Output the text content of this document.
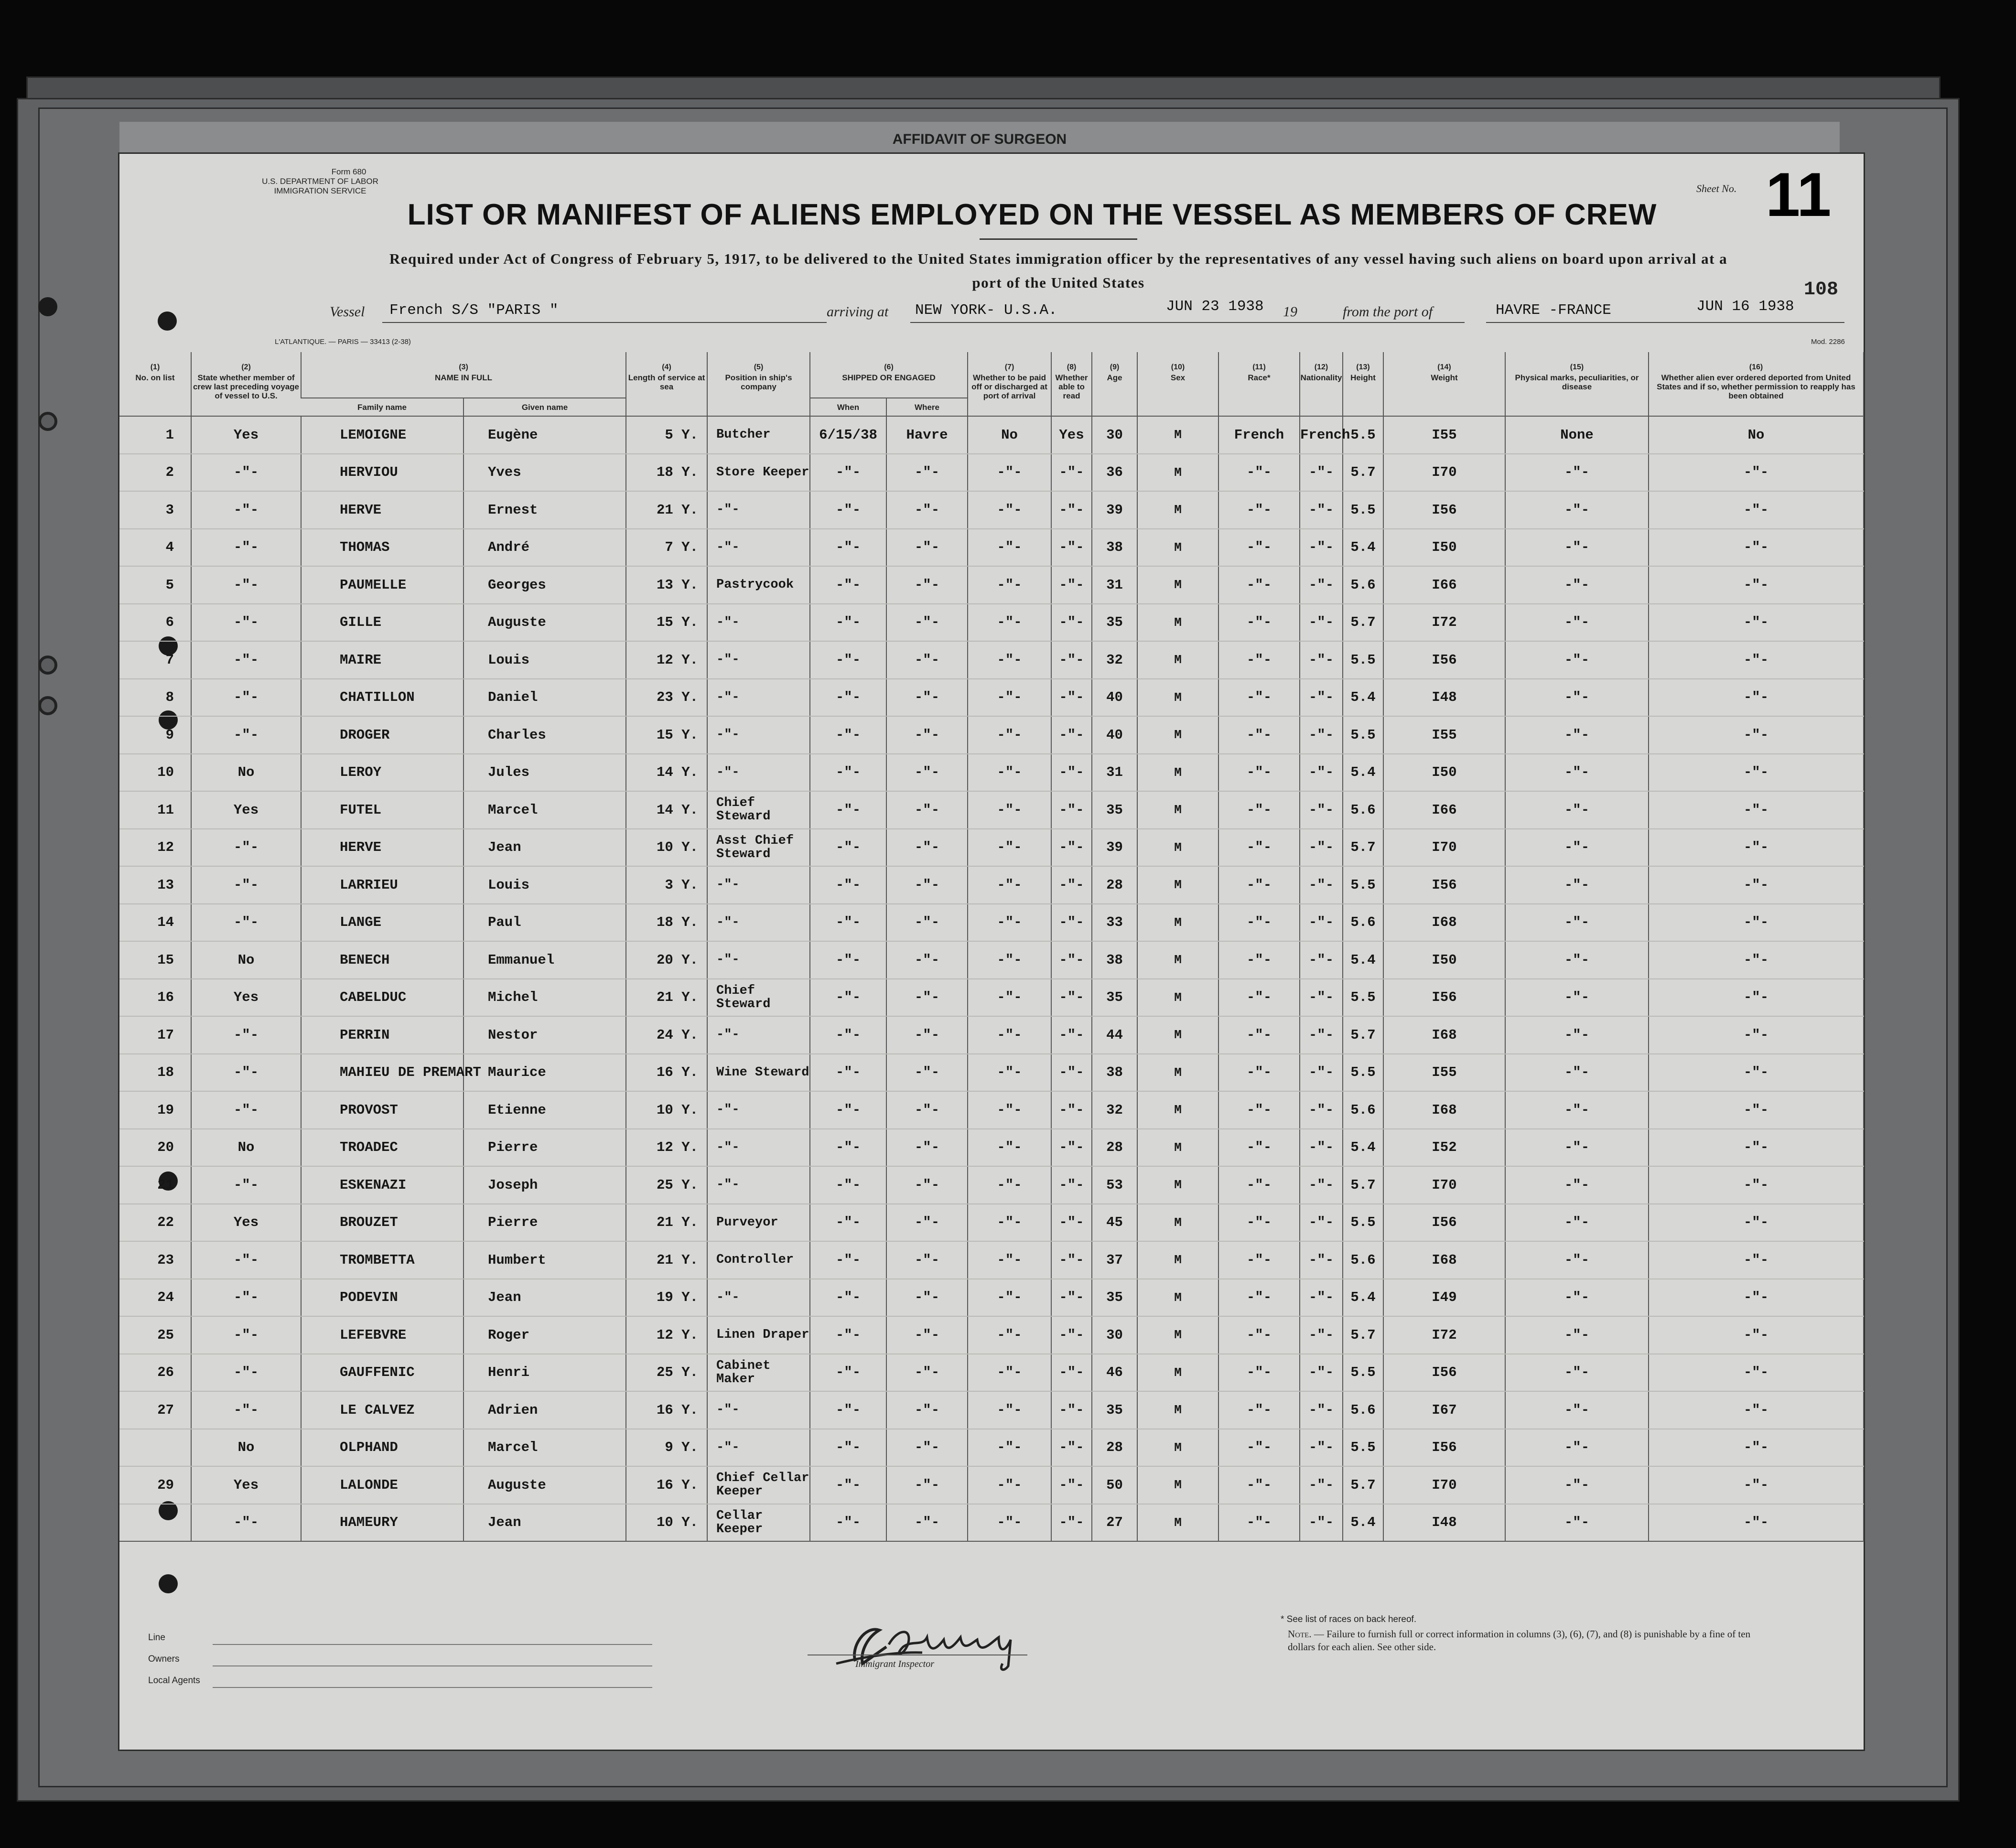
AFFIDAVIT OF SURGEON
Form 680
U.S. DEPARTMENT OF LABOR
IMMIGRATION SERVICE
LIST OR MANIFEST OF ALIENS EMPLOYED ON THE VESSEL AS MEMBERS OF CREW
Sheet No. 11
Required under Act of Congress of February 5, 1917, to be delivered to the United States immigration officer by the representatives of any vessel having such aliens on board upon arrival at a
port of the United States	108
Vessel French S/S "PARIS "	arriving at NEW YORK- U.S.A.	JUN 23 1938 19	from the port of	HAVRE -FRANCE	JUN 16 1938
L'ATLANTIQUE. — PARIS — 33413 (2-38)	Mod. 2286
(1)
No. on list	(2)
State whether member of crew last preceding voyage of vessel to U.S.	(3)
NAME IN FULL		(4)
Length of service at sea	(5)
Position in ship's company	(6)
SHIPPED OR ENGAGED		(7)
Whether to be paid off or discharged at port of arrival	(8)
Whether able to read	(9)
Age	(10)
Sex	(11)
Race*	(12)
Nationality	(13)
Height	(14)
Weight	(15)
Physical marks, peculiarities, or disease	(16)
Whether alien ever ordered deported from United States and if so, whether permission to reapply has been obtained	

		Family name	Given name			When	Where											
1	Yes	LEMOIGNE	Eugène	5 Y.	Butcher	6/15/38	Havre	No	Yes	30	M	French	French	5.5	I55	None	No	
2	-"-	HERVIOU	Yves	18 Y.	Store Keeper	-"-	-"-	-"-	-"-	36	M	-"-	-"-	5.7	I70	-"-	-"-	
3	-"-	HERVE	Ernest	21 Y.	-"-	-"-	-"-	-"-	-"-	39	M	-"-	-"-	5.5	I56	-"-	-"-	
4	-"-	THOMAS	André	7 Y.	-"-	-"-	-"-	-"-	-"-	38	M	-"-	-"-	5.4	I50	-"-	-"-	
5	-"-	PAUMELLE	Georges	13 Y.	Pastrycook	-"-	-"-	-"-	-"-	31	M	-"-	-"-	5.6	I66	-"-	-"-	
6	-"-	GILLE	Auguste	15 Y.	-"-	-"-	-"-	-"-	-"-	35	M	-"-	-"-	5.7	I72	-"-	-"-	
7	-"-	MAIRE	Louis	12 Y.	-"-	-"-	-"-	-"-	-"-	32	M	-"-	-"-	5.5	I56	-"-	-"-	
8	-"-	CHATILLON	Daniel	23 Y.	-"-	-"-	-"-	-"-	-"-	40	M	-"-	-"-	5.4	I48	-"-	-"-	
9	-"-	DROGER	Charles	15 Y.	-"-	-"-	-"-	-"-	-"-	40	M	-"-	-"-	5.5	I55	-"-	-"-	
10	No	LEROY	Jules	14 Y.	-"-	-"-	-"-	-"-	-"-	31	M	-"-	-"-	5.4	I50	-"-	-"-	
11	Yes	FUTEL	Marcel	14 Y.	Chief Steward	-"-	-"-	-"-	-"-	35	M	-"-	-"-	5.6	I66	-"-	-"-	
12	-"-	HERVE	Jean	10 Y.	Asst Chief Steward	-"-	-"-	-"-	-"-	39	M	-"-	-"-	5.7	I70	-"-	-"-	
13	-"-	LARRIEU	Louis	3 Y.	-"-	-"-	-"-	-"-	-"-	28	M	-"-	-"-	5.5	I56	-"-	-"-	
14	-"-	LANGE	Paul	18 Y.	-"-	-"-	-"-	-"-	-"-	33	M	-"-	-"-	5.6	I68	-"-	-"-	
15	No	BENECH	Emmanuel	20 Y.	-"-	-"-	-"-	-"-	-"-	38	M	-"-	-"-	5.4	I50	-"-	-"-	
16	Yes	CABELDUC	Michel	21 Y.	Chief Steward	-"-	-"-	-"-	-"-	35	M	-"-	-"-	5.5	I56	-"-	-"-	
17	-"-	PERRIN	Nestor	24 Y.	-"-	-"-	-"-	-"-	-"-	44	M	-"-	-"-	5.7	I68	-"-	-"-	
18	-"-	MAHIEU DE PREMART	Maurice	16 Y.	Wine Steward	-"-	-"-	-"-	-"-	38	M	-"-	-"-	5.5	I55	-"-	-"-	
19	-"-	PROVOST	Etienne	10 Y.	-"-	-"-	-"-	-"-	-"-	32	M	-"-	-"-	5.6	I68	-"-	-"-	
20	No	TROADEC	Pierre	12 Y.	-"-	-"-	-"-	-"-	-"-	28	M	-"-	-"-	5.4	I52	-"-	-"-	
21	-"-	ESKENAZI	Joseph	25 Y.	-"-	-"-	-"-	-"-	-"-	53	M	-"-	-"-	5.7	I70	-"-	-"-	
22	Yes	BROUZET	Pierre	21 Y.	Purveyor	-"-	-"-	-"-	-"-	45	M	-"-	-"-	5.5	I56	-"-	-"-	
23	-"-	TROMBETTA	Humbert	21 Y.	Controller	-"-	-"-	-"-	-"-	37	M	-"-	-"-	5.6	I68	-"-	-"-	
24	-"-	PODEVIN	Jean	19 Y.	-"-	-"-	-"-	-"-	-"-	35	M	-"-	-"-	5.4	I49	-"-	-"-	
25	-"-	LEFEBVRE	Roger	12 Y.	Linen Draper	-"-	-"-	-"-	-"-	30	M	-"-	-"-	5.7	I72	-"-	-"-	
26	-"-	GAUFFENIC	Henri	25 Y.	Cabinet Maker	-"-	-"-	-"-	-"-	46	M	-"-	-"-	5.5	I56	-"-	-"-	
27	-"-	LE CALVEZ	Adrien	16 Y.	-"-	-"-	-"-	-"-	-"-	35	M	-"-	-"-	5.6	I67	-"-	-"-	
	No	OLPHAND	Marcel	9 Y.	-"-	-"-	-"-	-"-	-"-	28	M	-"-	-"-	5.5	I56	-"-	-"-	
29	Yes	LALONDE	Auguste	16 Y.	Chief Cellar Keeper	-"-	-"-	-"-	-"-	50	M	-"-	-"-	5.7	I70	-"-	-"-	
	-"-	HAMEURY	Jean	10 Y.	Cellar Keeper	-"-	-"-	-"-	-"-	27	M	-"-	-"-	5.4	I48	-"-	-"-	
Line
Owners
Local Agents
Immigrant Inspector
* See list of races on back hereof.
Note. — Failure to furnish full or correct information in columns (3), (6), (7), and (8) is punishable by a fine of ten dollars for each alien. See other side.
